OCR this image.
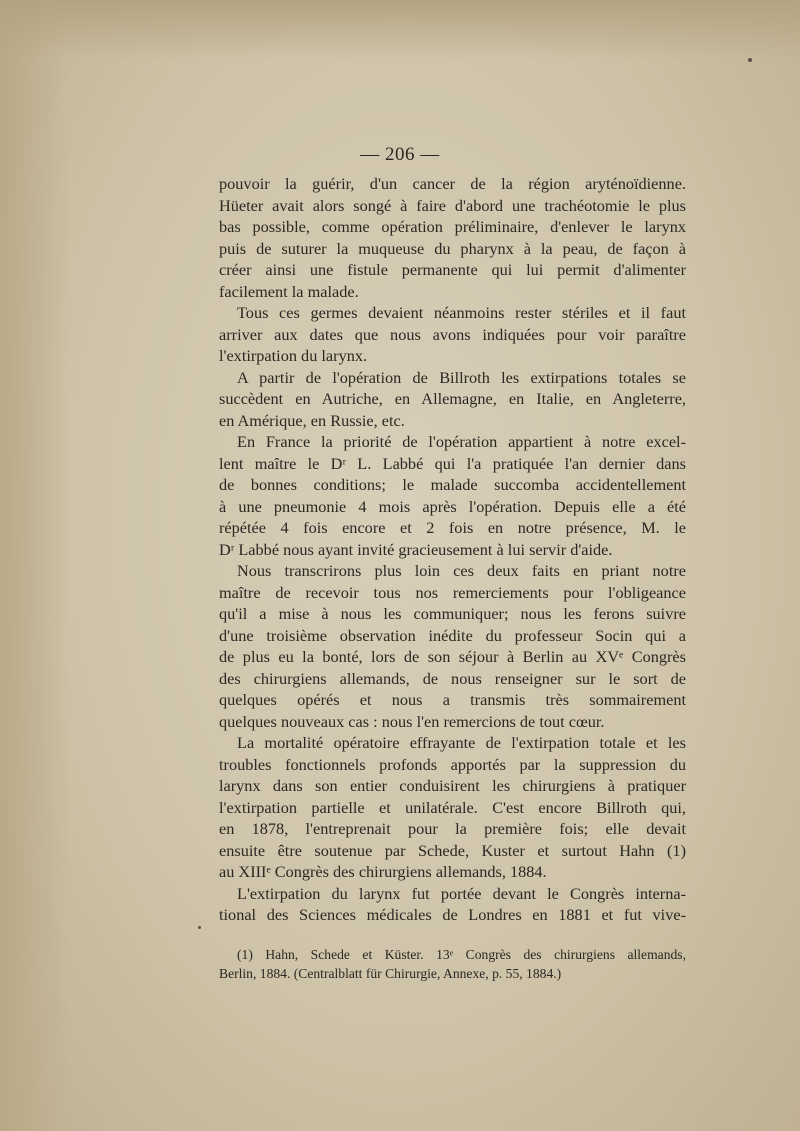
— 206 —
pouvoir la guérir, d'un cancer de la région aryténoïdienne.
Hüeter avait alors songé à faire d'abord une trachéotomie le plus
bas possible, comme opération préliminaire, d'enlever le larynx
puis de suturer la muqueuse du pharynx à la peau, de façon à
créer ainsi une fistule permanente qui lui permit d'alimenter
facilement la malade.
Tous ces germes devaient néanmoins rester stériles et il faut
arriver aux dates que nous avons indiquées pour voir paraître
l'extirpation du larynx.
A partir de l'opération de Billroth les extirpations totales se
succèdent en Autriche, en Allemagne, en Italie, en Angleterre,
en Amérique, en Russie, etc.
En France la priorité de l'opération appartient à notre excel-
lent maître le Dʳ L. Labbé qui l'a pratiquée l'an dernier dans
de bonnes conditions; le malade succomba accidentellement
à une pneumonie 4 mois après l'opération. Depuis elle a été
répétée 4 fois encore et 2 fois en notre présence, M. le
Dʳ Labbé nous ayant invité gracieusement à lui servir d'aide.
Nous transcrirons plus loin ces deux faits en priant notre
maître de recevoir tous nos remerciements pour l'obligeance
qu'il a mise à nous les communiquer; nous les ferons suivre
d'une troisième observation inédite du professeur Socin qui a
de plus eu la bonté, lors de son séjour à Berlin au XVᵉ Congrès
des chirurgiens allemands, de nous renseigner sur le sort de
quelques opérés et nous a transmis très sommairement
quelques nouveaux cas : nous l'en remercions de tout cœur.
La mortalité opératoire effrayante de l'extirpation totale et les
troubles fonctionnels profonds apportés par la suppression du
larynx dans son entier conduisirent les chirurgiens à pratiquer
l'extirpation partielle et unilatérale. C'est encore Billroth qui,
en 1878, l'entreprenait pour la première fois; elle devait
ensuite être soutenue par Schede, Kuster et surtout Hahn (1)
au XIIIᵉ Congrès des chirurgiens allemands, 1884.
L'extirpation du larynx fut portée devant le Congrès interna-
tional des Sciences médicales de Londres en 1881 et fut vive-
(1) Hahn, Schede et Küster. 13ᵉ Congrès des chirurgiens allemands,
Berlin, 1884. (Centralblatt für Chirurgie, Annexe, p. 55, 1884.)
